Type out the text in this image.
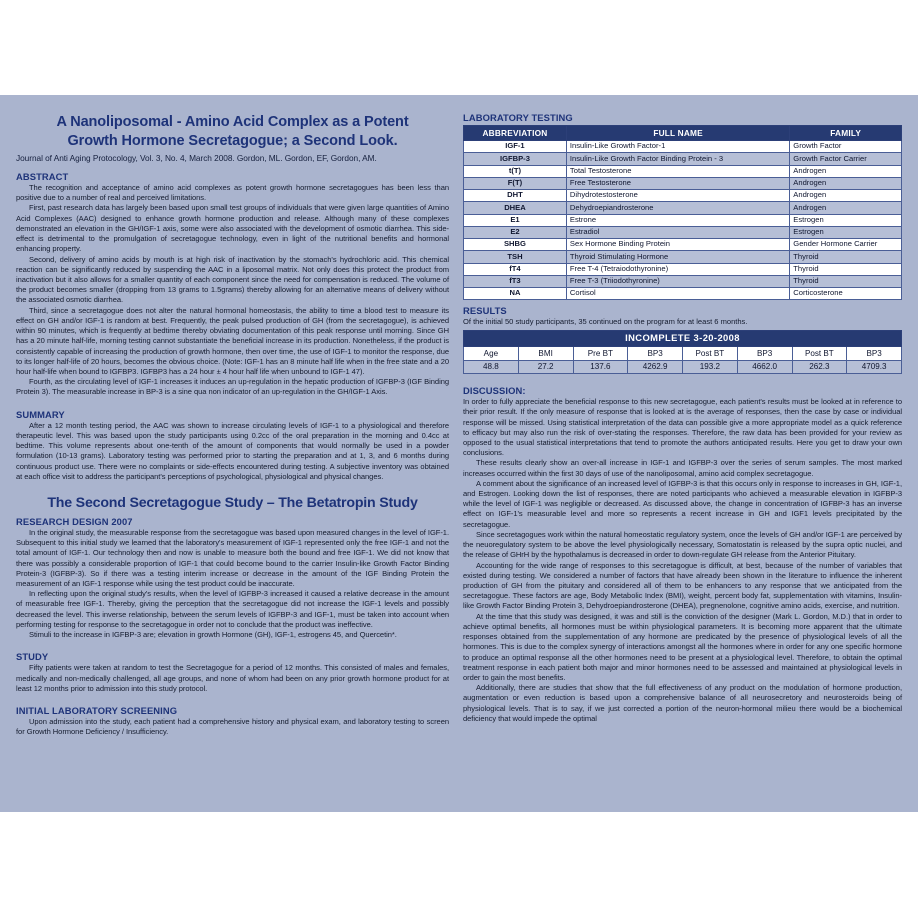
A Nanoliposomal - Amino Acid Complex as a Potent
Growth Hormone Secretagogue; a Second Look.
Journal of Anti Aging Protocology, Vol. 3, No. 4, March 2008. Gordon, ML. Gordon, EF, Gordon, AM.
ABSTRACT

The recognition and acceptance of amino acid complexes as potent growth hormone secretagogues has been less than positive due to a number of real and perceived limitations.

First, past research data has largely been based upon small test groups of individuals that were given large quantities of Amino Acid Complexes (AAC) designed to enhance growth hormone production and release. Although many of these complexes demonstrated an elevation in the GH/IGF-1 axis, some were also associated with the development of osmotic diarrhea. This side-effect is detrimental to the promulgation of secretagogue technology, even in light of the nutritional benefits and hormonal enhancing property.

Second, delivery of amino acids by mouth is at high risk of inactivation by the stomach's hydrochloric acid. This chemical reaction can be significantly reduced by suspending the AAC in a liposomal matrix. Not only does this protect the product from inactivation but it also allows for a smaller quantity of each component since the need for compensation is reduced. The volume of the product becomes smaller (dropping from 13 grams to 1.5grams) thereby allowing for an alternative means of delivery without the associated osmotic diarrhea.

Third, since a secretagogue does not alter the natural hormonal homeostasis, the ability to time a blood test to measure its effect on GH and/or IGF-1 is random at best. Frequently, the peak pulsed production of GH (from the secretagogue), is achieved within 90 minutes, which is frequently at bedtime thereby obviating documentation of this peak response until morning. Since GH has a 20 minute half-life, morning testing cannot substantiate the beneficial increase in its production. Nonetheless, if the product is consistently capable of increasing the production of growth hormone, then over time, the use of IGF-1 to monitor the response, due to its longer half-life of 20 hours, becomes the obvious choice. (Note: IGF-1 has an 8 minute half life when in the free state and a 20 hour half-life when bound to IGFBP3. IGFBP3 has a 24 hour ± 4 hour half life when unbound to IGF-1 47).

Fourth, as the circulating level of IGF-1 increases it induces an up-regulation in the hepatic production of IGFBP-3 (IGF Binding Protein 3). The measurable increase in BP-3 is a sine qua non indicator of an up-regulation in the GH/IGF-1 Axis.

SUMMARY

After a 12 month testing period, the AAC was shown to increase circulating levels of IGF-1 to a physiological and therefore therapeutic level. This was based upon the study participants using 0.2cc of the oral preparation in the morning and 0.4cc at bedtime. This volume represents about one-tenth of the amount of components that would normally be used in a powder formulation (10-13 grams). Laboratory testing was performed prior to starting the preparation and at 1, 3, and 6 months during continuous product use. There were no complaints or side-effects encountered during testing. A subjective inventory was obtained at each office visit to address the participant's perceptions of psychological, physiological and physical changes.

The Second Secretagogue Study – The Betatropin Study
RESEARCH DESIGN 2007

In the original study, the measurable response from the secretagogue was based upon measured changes in the level of IGF-1. Subsequent to this initial study we learned that the laboratory's measurement of IGF-1 represented only the free IGF-1 and not the total amount of IGF-1. Our technology then and now is unable to measure both the bound and free IGF-1. We did not know that there was possibly a considerable proportion of IGF-1 that could become bound to the carrier Insulin-like Growth Factor Binding Protein-3 (IGFBP-3). So if there was a testing interim increase or decrease in the amount of the IGF Binding Protein the measurement of an IGF-1 response while using the test product could be inaccurate.

In reflecting upon the original study's results, when the level of IGFBP-3 increased it caused a relative decrease in the amount of measurable free IGF-1. Thereby, giving the perception that the secretagogue did not increase the IGF-1 levels and possibly decreased the level. This inverse relationship, between the serum levels of IGFBP-3 and IGF-1, must be taken into account when performing testing for response to the secretagogue in order not to conclude that the product was ineffective.

Stimuli to the increase in IGFBP-3 are; elevation in growth Hormone (GH), IGF-1, estrogens 45, and Quercetin*.

STUDY

Fifty patients were taken at random to test the Secretagogue for a period of 12 months. This consisted of males and females, medically and non-medically challenged, all age groups, and none of whom had been on any prior growth hormone product for at least 12 months prior to admission into this study protocol.

INITIAL LABORATORY SCREENING

Upon admission into the study, each patient had a comprehensive history and physical exam, and laboratory testing to screen for Growth Hormone Deficiency / Insufficiency.

LABORATORY TESTING
ABBREVIATION	FULL NAME	FAMILY
IGF-1	Insulin-Like Growth Factor-1	Growth Factor
IGFBP-3	Insulin-Like Growth Factor Binding Protein - 3	Growth Factor Carrier
t(T)	Total Testosterone	Androgen
F(T)	Free Testosterone	Androgen
DHT	Dihydrotestosterone	Androgen
DHEA	Dehydroepiandrosterone	Androgen
E1	Estrone	Estrogen
E2	Estradiol	Estrogen
SHBG	Sex Hormone Binding Protein	Gender Hormone Carrier
TSH	Thyroid Stimulating Hormone	Thyroid
fT4	Free T-4 (Tetraiodothyronine)	Thyroid
fT3	Free T-3 (Triiodothyronine)	Thyroid
NA	Cortisol	Corticosterone
RESULTS
Of the initial 50 study participants, 35 continued on the program for at least 6 months.
INCOMPLETE 3-20-2008							
Age	BMI	Pre BT	BP3	Post BT	BP3	Post BT	BP3
48.8	27.2	137.6	4262.9	193.2	4662.0	262.3	4709.3
DISCUSSION:

In order to fully appreciate the beneficial response to this new secretagogue, each patient's results must be looked at in reference to their prior result. If the only measure of response that is looked at is the average of responses, then the case by case or individual response will be missed. Using statistical interpretation of the data can possible give a more appropriate model as a quick reference to efficacy but may also run the risk of over-stating the responses. Therefore, the raw data has been provided for your review as opposed to the usual statistical interpretations that tend to promote the authors anticipated results. Here you get to draw your own conclusions.

These results clearly show an over-all increase in IGF-1 and IGFBP-3 over the series of serum samples. The most marked increases occurred within the first 30 days of use of the nanoliposomal, amino acid complex secretagogue.

A comment about the significance of an increased level of IGFBP-3 is that this occurs only in response to increases in GH, IGF-1, and Estrogen. Looking down the list of responses, there are noted participants who achieved a measurable elevation in IGFBP-3 while the level of IGF-1 was negligible or decreased. As discussed above, the change in concentration of IGFBP-3 has an inverse effect on IGF-1's measurable level and more so represents a recent increase in GH and IGF1 levels precipitated by the secretagogue.

Since secretagogues work within the natural homeostatic regulatory system, once the levels of GH and/or IGF-1 are perceived by the neuoregulatory system to be above the level physiologically necessary, Somatostatin is released by the supra optic nuclei, and the release of GHrH by the hypothalamus is decreased in order to down-regulate GH release from the Anterior Pituitary.

Accounting for the wide range of responses to this secretagogue is difficult, at best, because of the number of variables that existed during testing. We considered a number of factors that have already been shown in the literature to influence the inherent production of GH from the pituitary and considered all of them to be enhancers to any response that we anticipated from the secretagogue. These factors are age, Body Metabolic Index (BMI), weight, percent body fat, supplementation with vitamins, Insulin-like Growth Factor Binding Protein 3, Dehydroepiandrosterone (DHEA), pregnenolone, cognitive amino acids, exercise, and nutrition.

At the time that this study was designed, it was and still is the conviction of the designer (Mark L. Gordon, M.D.) that in order to achieve optimal benefits, all hormones must be within physiological parameters. It is becoming more apparent that the ultimate responses obtained from the supplementation of any hormone are predicated by the presence of physiological levels of all the hormones. This is due to the complex synergy of interactions amongst all the hormones where in order for any one specific hormone to produce an optimal response all the other hormones need to be present at a physiological level. Therefore, to obtain the optimal treatment response in each patient both major and minor hormones need to be assessed and maintained at physiological levels in order to gain the most benefits.

Additionally, there are studies that show that the full effectiveness of any product on the modulation of hormone production, augmentation or even reduction is based upon a comprehensive balance of all neurosecretory and neurosteroids being of physiological levels. That is to say, if we just corrected a portion of the neuron-hormonal milieu there would be a biochemical deficiency that would impede the optimal
